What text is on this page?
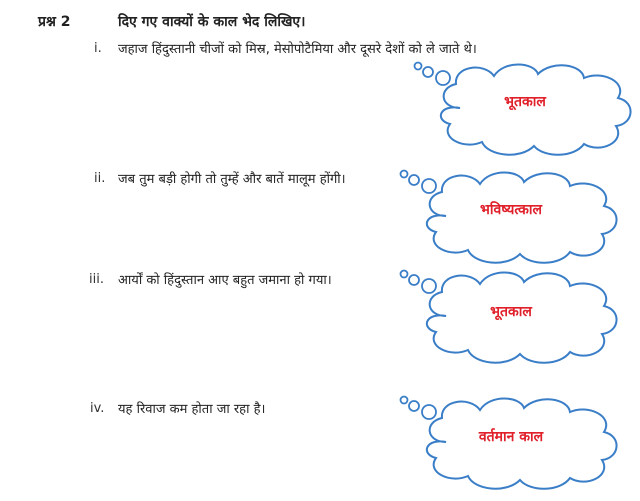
प्रश्न 2	दिए गए वाक्यों के काल भेद लिखिए।
i. जहाज हिंदुस्तानी चीजों को मिस्र, मेसोपोटैमिया और दूसरे देशों को ले जाते थे।
भूतकाल
ii. जब तुम बड़ी होगी तो तुम्हें और बातें मालूम होंगी।
भविष्यत्काल
iii. आर्यों को हिंदुस्तान आए बहुत जमाना हो गया।
भूतकाल
iv. यह रिवाज कम होता जा रहा है।
वर्तमान काल
